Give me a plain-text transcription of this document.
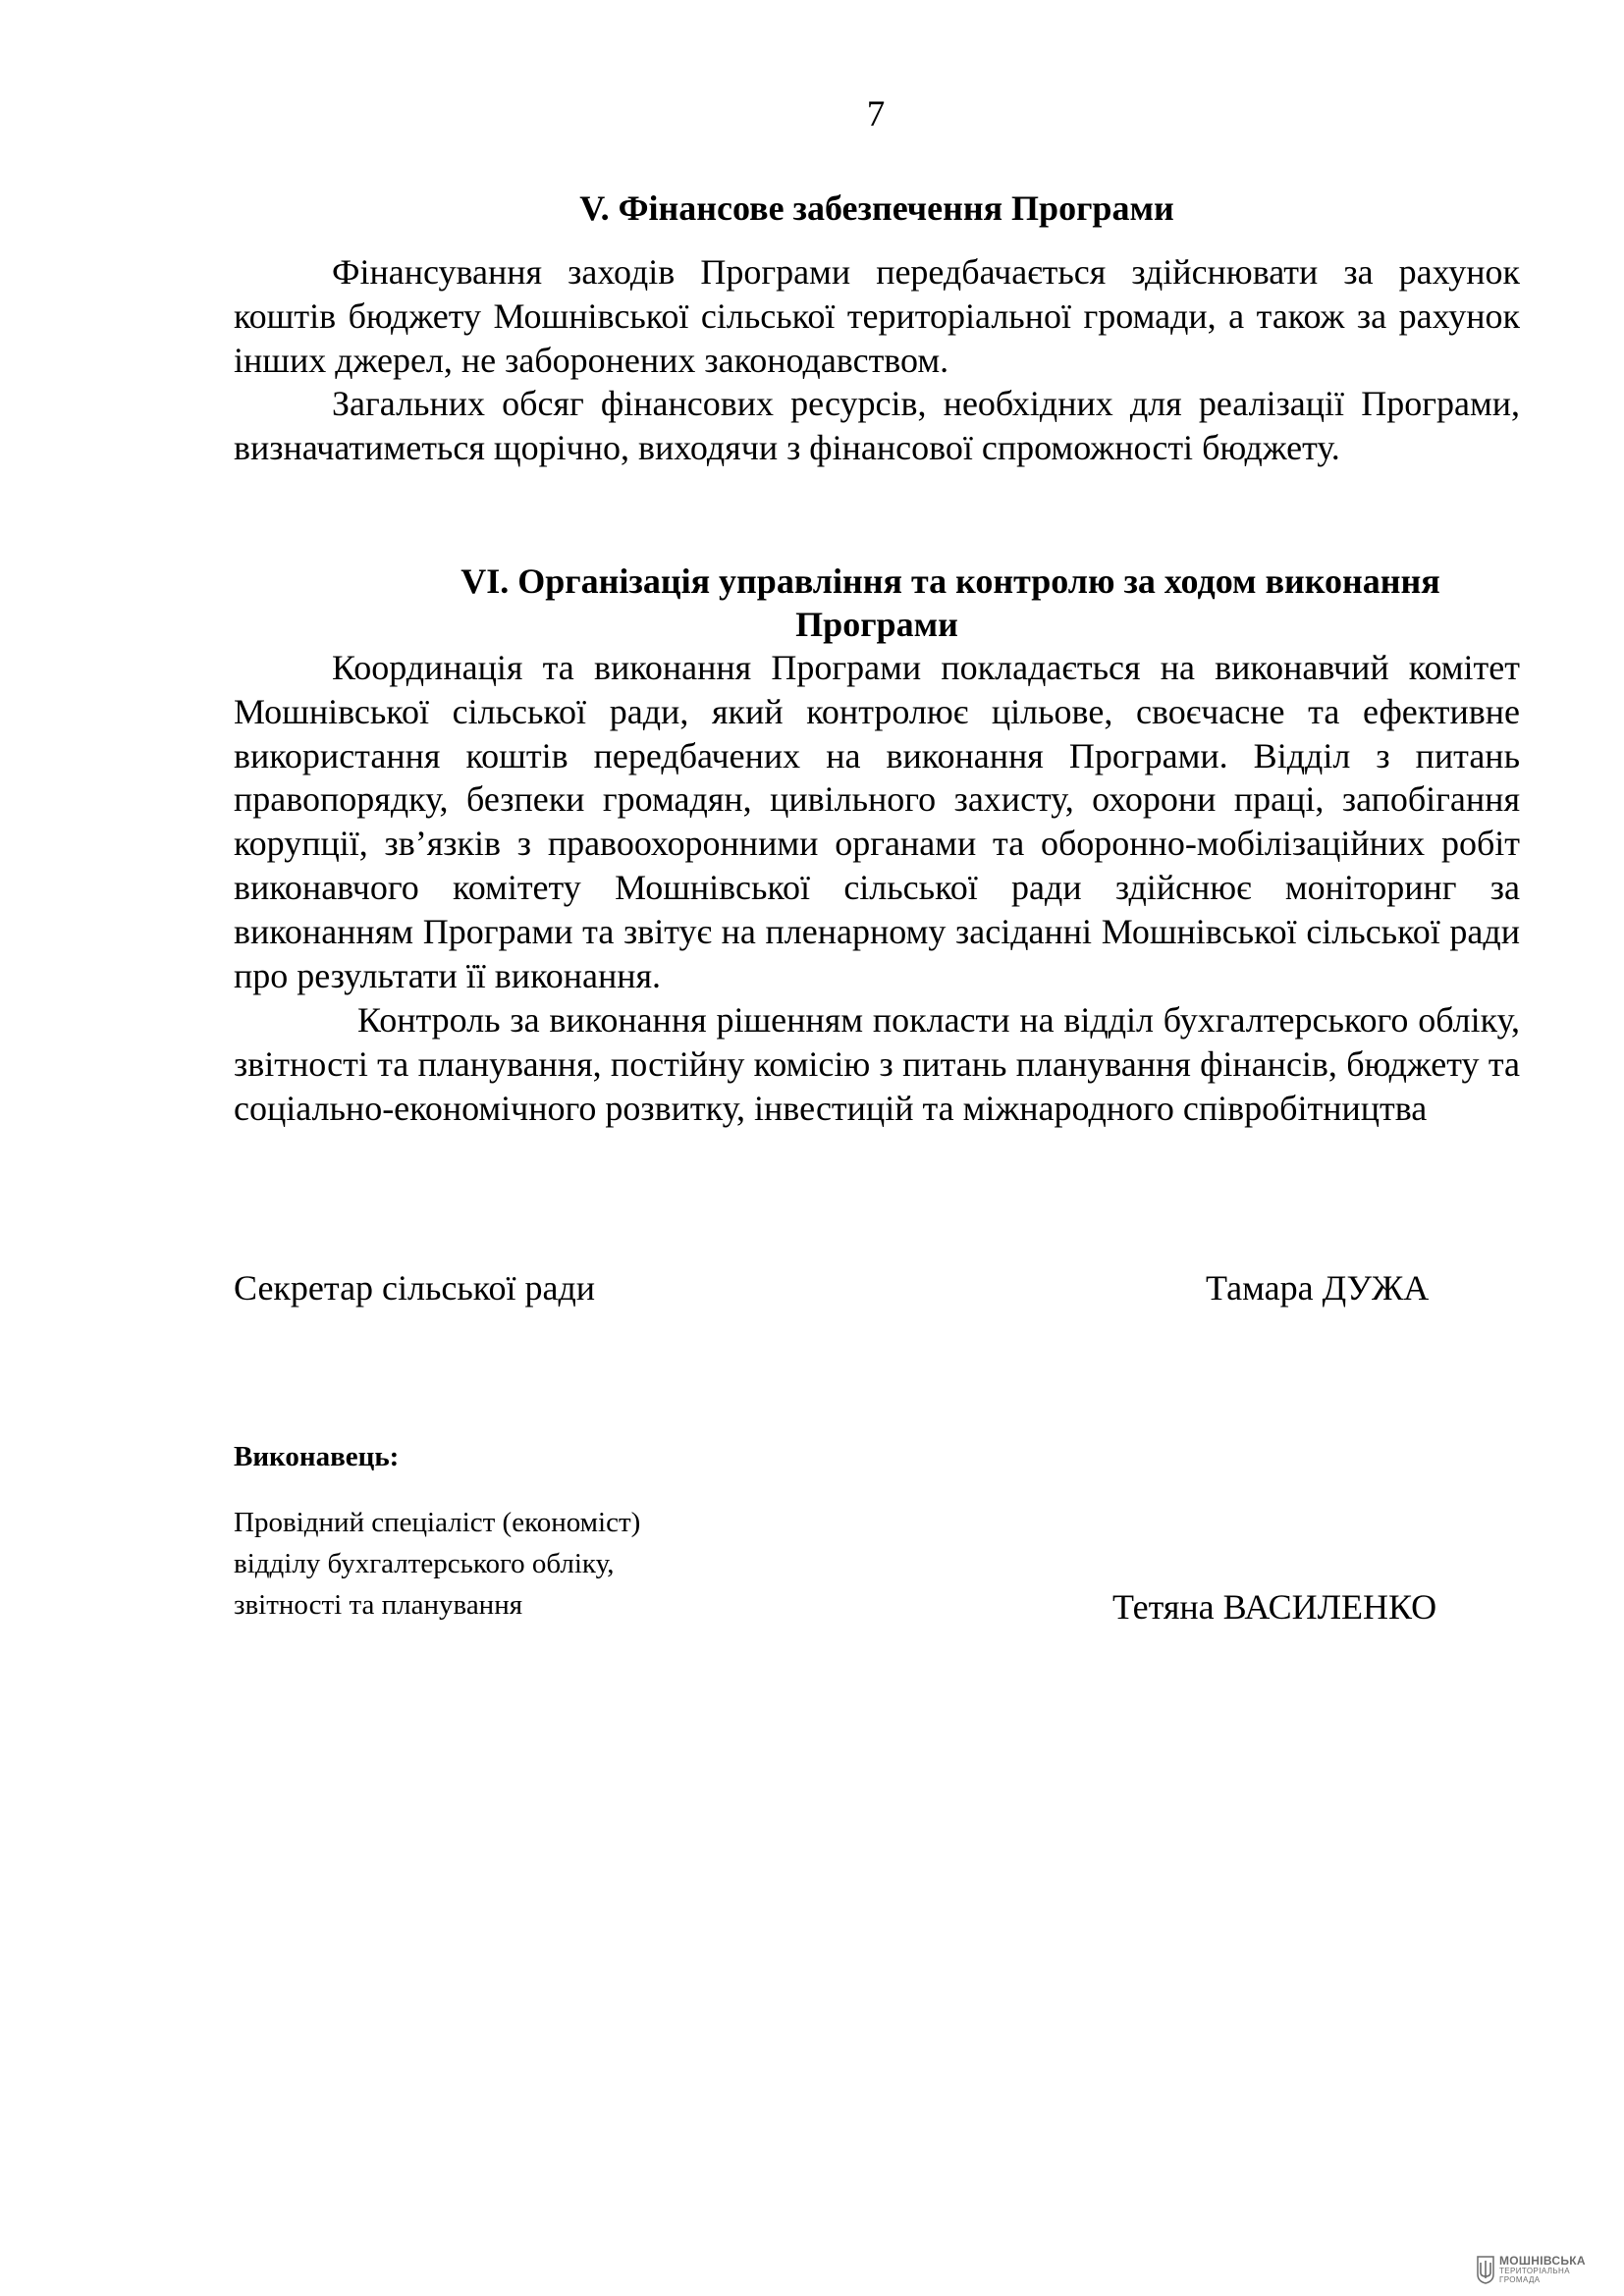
7
V. Фінансове забезпечення Програми
Фінансування заходів Програми передбачається здійснювати за рахунок коштів бюджету Мошнівської сільської територіальної громади, а також за рахунок інших джерел, не заборонених законодавством.
Загальних обсяг фінансових ресурсів, необхідних для реалізації Програми, визначатиметься щорічно, виходячи з фінансової спроможності бюджету.
VI. Організація управління та контролю за ходом виконання
Програми
Координація та виконання Програми покладається на виконавчий комітет Мошнівської сільської ради, який контролює цільове, своєчасне та ефективне використання коштів передбачених на виконання Програми. Відділ з питань правопорядку, безпеки громадян, цивільного захисту, охорони праці, запобігання корупції, зв’язків з правоохоронними органами та оборонно-мобілізаційних робіт виконавчого комітету Мошнівської сільської ради здійснює моніторинг за виконанням Програми та звітує на пленарному засіданні Мошнівської сільської ради про результати її виконання.
Контроль за виконання рішенням покласти на відділ бухгалтерського обліку, звітності та планування, постійну комісію з питань планування фінансів, бюджету та соціально-економічного розвитку, інвестицій та міжнародного співробітництва
Секретар сільської ради	Тамара ДУЖА
Виконавець:
Провідний спеціаліст (економіст)
відділу бухгалтерського обліку,
звітності та планування	Тетяна ВАСИЛЕНКО
МОШНІВСЬКА
ТЕРИТОРІАЛЬНА
ГРОМАДА
